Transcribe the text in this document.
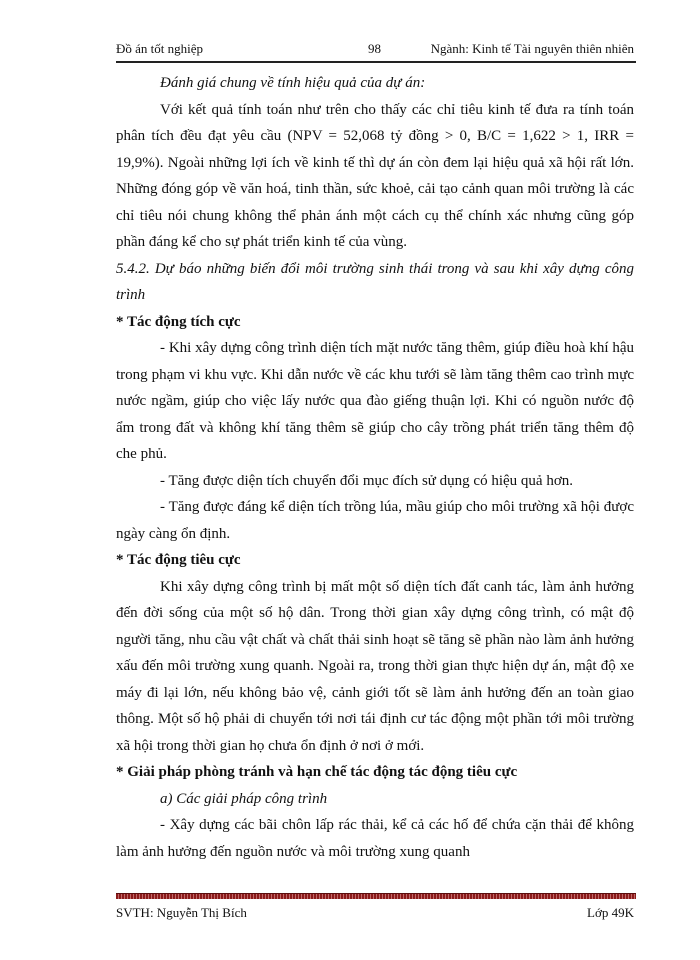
Đồ án tốt nghiệp	98	Ngành: Kinh tế Tài nguyên thiên nhiên

Đánh giá chung về tính hiệu quả của dự án:

Với kết quả tính toán như trên cho thấy các chỉ tiêu kinh tế đưa ra tính toán phân tích đều đạt yêu cầu (NPV = 52,068 tỷ đồng > 0, B/C = 1,622 > 1, IRR = 19,9%). Ngoài những lợi ích về kinh tế thì dự án còn đem lại hiệu quả xã hội rất lớn. Những đóng góp về văn hoá, tinh thần, sức khoẻ, cải tạo cảnh quan môi trường là các chỉ tiêu nói chung không thể phản ánh một cách cụ thể chính xác nhưng cũng góp phần đáng kể cho sự phát triển kinh tế của vùng.

5.4.2. Dự báo những biến đổi môi trường sinh thái trong và sau khi xây dựng công trình

* Tác động tích cực

- Khi xây dựng công trình diện tích mặt nước tăng thêm, giúp điều hoà khí hậu trong phạm vi khu vực. Khi dẫn nước về các khu tưới sẽ làm tăng thêm cao trình mực nước ngầm, giúp cho việc lấy nước qua đào giếng thuận lợi. Khi có nguồn nước độ ẩm trong đất và không khí tăng thêm sẽ giúp cho cây trồng phát triển tăng thêm độ che phủ.

- Tăng được diện tích chuyển đổi mục đích sử dụng có hiệu quả hơn.

- Tăng được đáng kể diện tích trồng lúa, mầu giúp cho môi trường xã hội được ngày càng ổn định.

* Tác động tiêu cực

Khi xây dựng công trình bị mất một số diện tích đất canh tác, làm ảnh hưởng đến đời sống của một số hộ dân. Trong thời gian xây dựng công trình, có mật độ người tăng, nhu cầu vật chất và chất thải sinh hoạt sẽ tăng sẽ phần nào làm ảnh hưởng xấu đến môi trường xung quanh. Ngoài ra, trong thời gian thực hiện dự án, mật độ xe máy đi lại lớn, nếu không bảo vệ, cảnh giới tốt sẽ làm ảnh hưởng đến an toàn giao thông. Một số hộ phải di chuyển tới nơi tái định cư tác động một phần tới môi trường xã hội trong thời gian họ chưa ổn định ở nơi ở mới.

* Giải pháp phòng tránh và hạn chế tác động tác động tiêu cực

a) Các giải pháp công trình

- Xây dựng các bãi chôn lấp rác thải, kể cả các hố để chứa cặn thải để không làm ảnh hưởng đến nguồn nước và môi trường xung quanh

SVTH: Nguyễn Thị Bích	Lớp 49K
